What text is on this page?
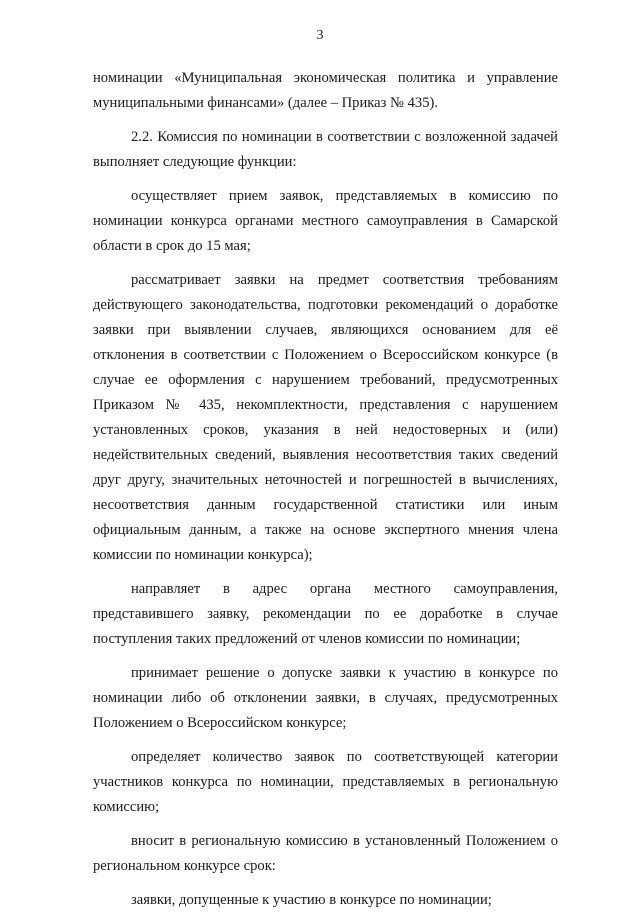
3

номинации «Муниципальная экономическая политика и управление муниципальными финансами» (далее – Приказ № 435).

2.2. Комиссия по номинации в соответствии с возложенной задачей выполняет следующие функции:

осуществляет прием заявок, представляемых в комиссию по номинации конкурса органами местного самоуправления в Самарской области в срок до 15 мая;

рассматривает заявки на предмет соответствия требованиям действующего законодательства, подготовки рекомендаций о доработке заявки при выявлении случаев, являющихся основанием для её отклонения в соответствии с Положением о Всероссийском конкурсе (в случае ее оформления с нарушением требований, предусмотренных Приказом № 435, некомплектности, представления с нарушением установленных сроков, указания в ней недостоверных и (или) недействительных сведений, выявления несоответствия таких сведений друг другу, значительных неточностей и погрешностей в вычислениях, несоответствия данным государственной статистики или иным официальным данным, а также на основе экспертного мнения члена комиссии по номинации конкурса);

направляет в адрес органа местного самоуправления, представившего заявку, рекомендации по ее доработке в случае поступления таких предложений от членов комиссии по номинации;

принимает решение о допуске заявки к участию в конкурсе по номинации либо об отклонении заявки, в случаях, предусмотренных Положением о Всероссийском конкурсе;

определяет количество заявок по соответствующей категории участников конкурса по номинации, представляемых в региональную комиссию;

вносит в региональную комиссию в установленный Положением о региональном конкурсе срок:

заявки, допущенные к участию в конкурсе по номинации;
